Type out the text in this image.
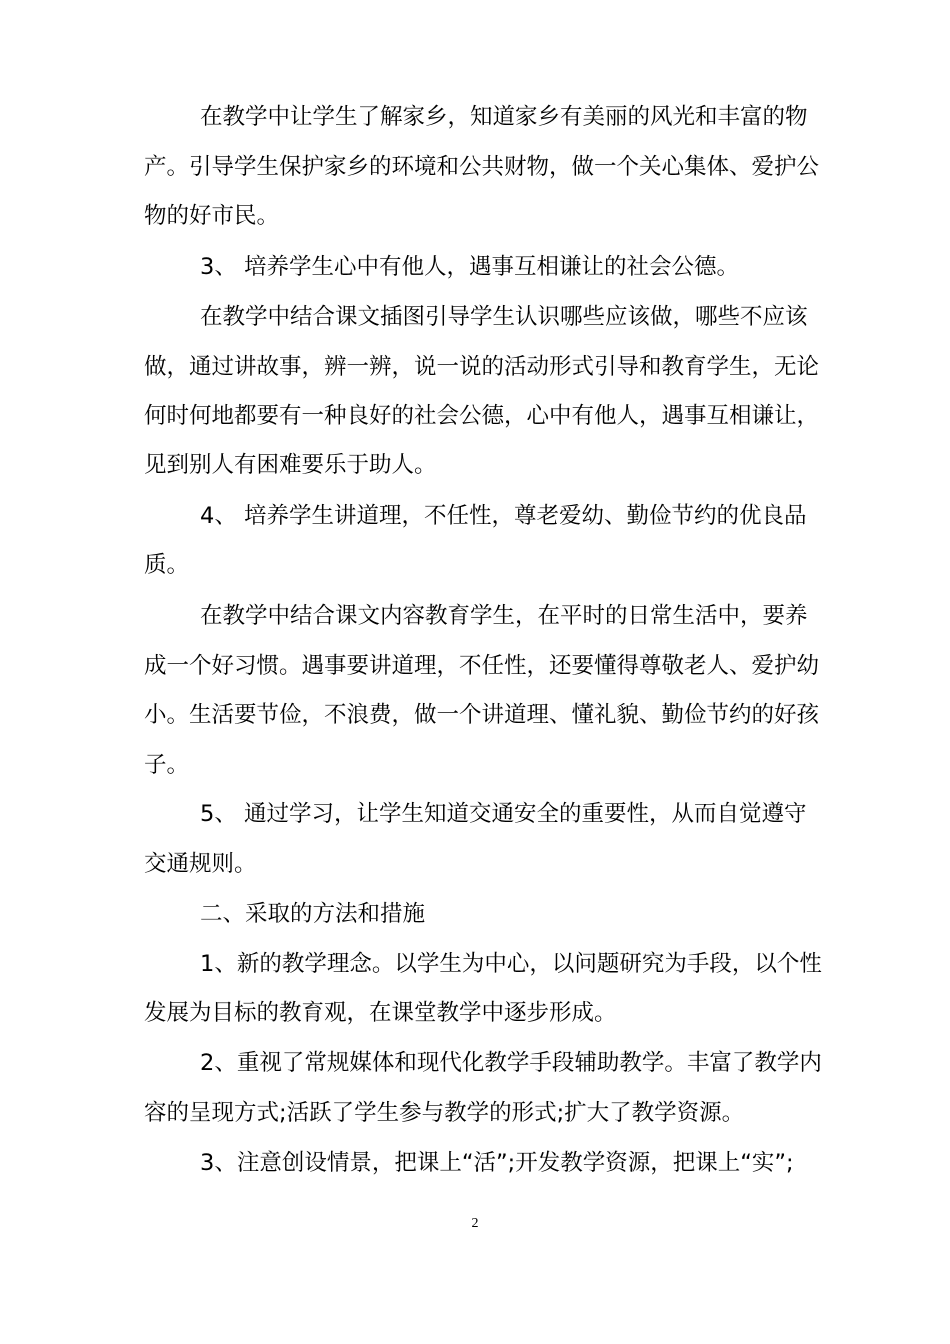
在教学中让学生了解家乡，知道家乡有美丽的风光和丰富的物
产。引导学生保护家乡的环境和公共财物，做一个关心集体、爱护公
物的好市民。
3、 培养学生心中有他人，遇事互相谦让的社会公德。
在教学中结合课文插图引导学生认识哪些应该做，哪些不应该
做，通过讲故事，辨一辨，说一说的活动形式引导和教育学生，无论
何时何地都要有一种良好的社会公德，心中有他人，遇事互相谦让，
见到别人有困难要乐于助人。
4、 培养学生讲道理，不任性，尊老爱幼、勤俭节约的优良品
质。
在教学中结合课文内容教育学生，在平时的日常生活中，要养
成一个好习惯。遇事要讲道理，不任性，还要懂得尊敬老人、爱护幼
小。生活要节俭，不浪费，做一个讲道理、懂礼貌、勤俭节约的好孩
子。
5、 通过学习，让学生知道交通安全的重要性，从而自觉遵守
交通规则。
二、采取的方法和措施
1、新的教学理念。以学生为中心，以问题研究为手段，以个性
发展为目标的教育观，在课堂教学中逐步形成。
2、重视了常规媒体和现代化教学手段辅助教学。丰富了教学内
容的呈现方式;活跃了学生参与教学的形式;扩大了教学资源。
3、注意创设情景，把课上“活”;开发教学资源，把课上“实”;
2
